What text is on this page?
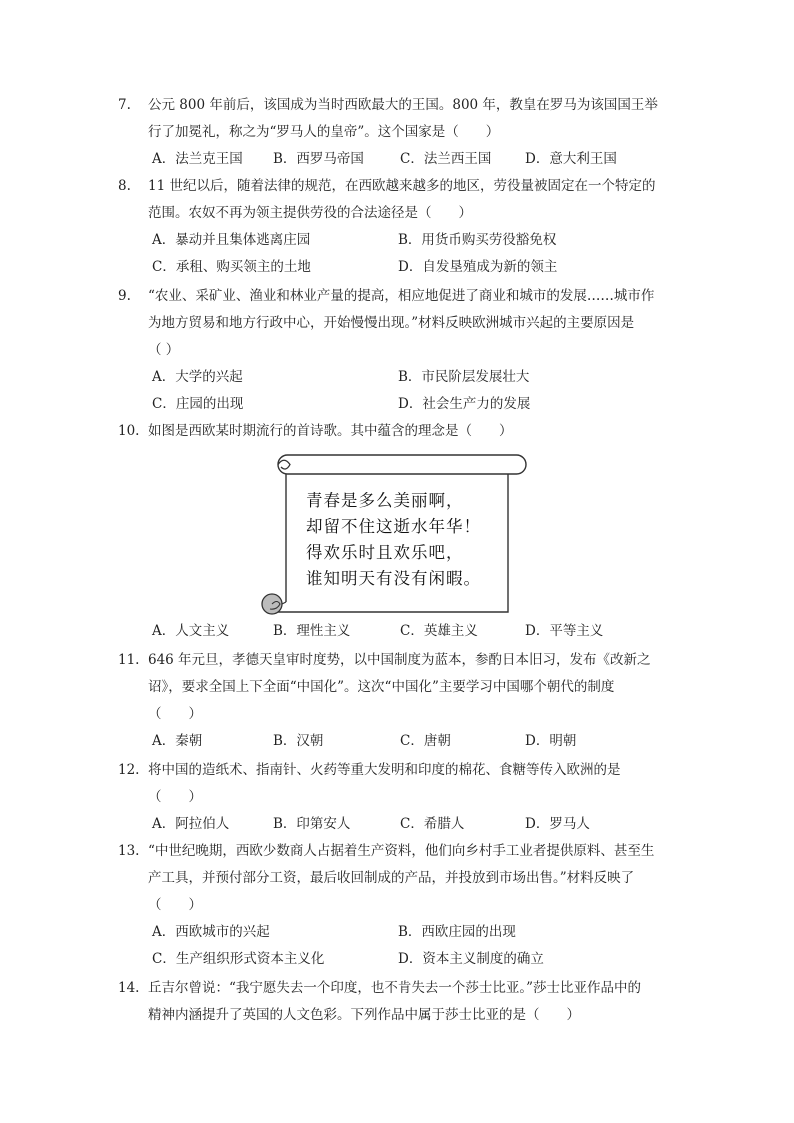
7.	公元 800 年前后，该国成为当时西欧最大的王国。800 年，教皇在罗马为该国国王举
行了加冕礼，称之为“罗马人的皇帝”。这个国家是（　　）
A．法兰克王国 B．西罗马帝国	C．法兰西王国 D．意大利王国
8.	11 世纪以后，随着法律的规范，在西欧越来越多的地区，劳役量被固定在一个特定的
范围。农奴不再为领主提供劳役的合法途径是（　　）
A．暴动并且集体逃离庄园	B．用货币购买劳役豁免权
C．承租、购买领主的土地	D．自发垦殖成为新的领主
9.	“农业、采矿业、渔业和林业产量的提高，相应地促进了商业和城市的发展……城市作
为地方贸易和地方行政中心，开始慢慢出现。”材料反映欧洲城市兴起的主要原因是
（ ）
A．大学的兴起	B．市民阶层发展壮大
C．庄园的出现	D．社会生产力的发展
10. 如图是西欧某时期流行的首诗歌。其中蕴含的理念是（　　）
青春是多么美丽啊，
却留不住这逝水年华！
得欢乐时且欢乐吧，
谁知明天有没有闲暇。
A．人文主义	B．理性主义	C．英雄主义	D．平等主义
11. 646 年元旦，孝德天皇审时度势，以中国制度为蓝本，参酌日本旧习，发布《改新之
诏》，要求全国上下全面“中国化”。这次“中国化”主要学习中国哪个朝代的制度
（　　）
A．秦朝	B．汉朝	C．唐朝	D．明朝
12. 将中国的造纸术、指南针、火药等重大发明和印度的棉花、食糖等传入欧洲的是
（　　）
A．阿拉伯人	B．印第安人	C．希腊人	D．罗马人
13. “中世纪晚期，西欧少数商人占据着生产资料，他们向乡村手工业者提供原料、甚至生
产工具，并预付部分工资，最后收回制成的产品，并投放到市场出售。”材料反映了
（　　）
A．西欧城市的兴起	B．西欧庄园的出现
C．生产组织形式资本主义化	D．资本主义制度的确立
14. 丘吉尔曾说：“我宁愿失去一个印度，也不肯失去一个莎士比亚。”莎士比亚作品中的
精神内涵提升了英国的人文色彩。下列作品中属于莎士比亚的是（　　）
